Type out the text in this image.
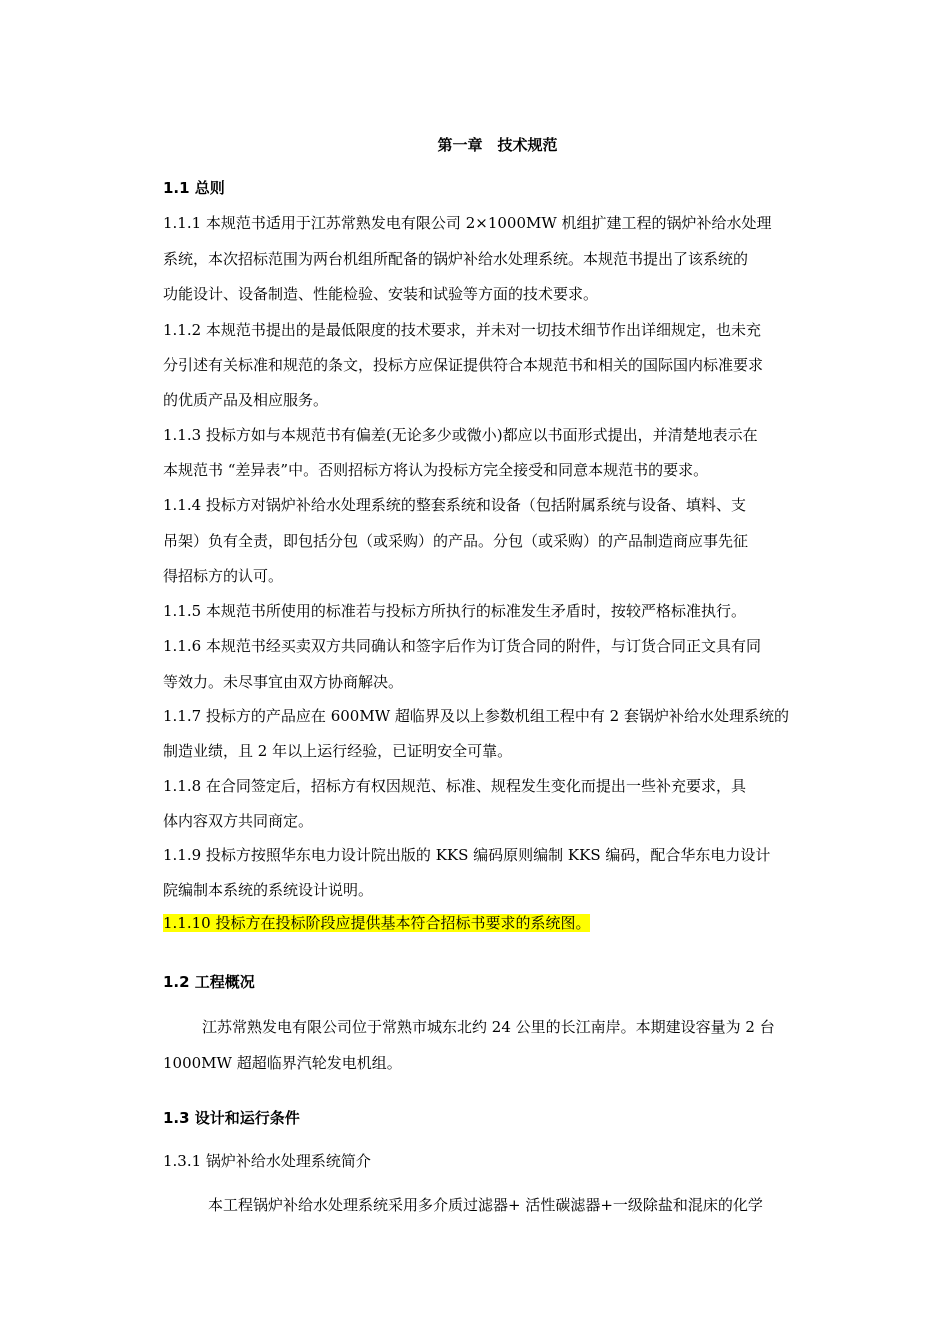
第一章　技术规范
1.1 总则
1.1.1 本规范书适用于江苏常熟发电有限公司 2×1000MW 机组扩建工程的锅炉补给水处理
系统，本次招标范围为两台机组所配备的锅炉补给水处理系统。本规范书提出了该系统的
功能设计、设备制造、性能检验、安装和试验等方面的技术要求。
1.1.2 本规范书提出的是最低限度的技术要求，并未对一切技术细节作出详细规定，也未充
分引述有关标准和规范的条文，投标方应保证提供符合本规范书和相关的国际国内标准要求
的优质产品及相应服务。
1.1.3 投标方如与本规范书有偏差(无论多少或微小)都应以书面形式提出，并清楚地表示在
本规范书 “差异表”中。否则招标方将认为投标方完全接受和同意本规范书的要求。
1.1.4 投标方对锅炉补给水处理系统的整套系统和设备（包括附属系统与设备、填料、支
吊架）负有全责，即包括分包（或采购）的产品。分包（或采购）的产品制造商应事先征
得招标方的认可。
1.1.5 本规范书所使用的标准若与投标方所执行的标准发生矛盾时，按较严格标准执行。
1.1.6 本规范书经买卖双方共同确认和签字后作为订货合同的附件，与订货合同正文具有同
等效力。未尽事宜由双方协商解决。
1.1.7 投标方的产品应在 600MW 超临界及以上参数机组工程中有 2 套锅炉补给水处理系统的
制造业绩，且 2 年以上运行经验，已证明安全可靠。
1.1.8 在合同签定后，招标方有权因规范、标准、规程发生变化而提出一些补充要求，具
体内容双方共同商定。
1.1.9 投标方按照华东电力设计院出版的 KKS 编码原则编制 KKS 编码，配合华东电力设计
院编制本系统的系统设计说明。
1.1.10 投标方在投标阶段应提供基本符合招标书要求的系统图。
1.2 工程概况
江苏常熟发电有限公司位于常熟市城东北约 24 公里的长江南岸。本期建设容量为 2 台
1000MW 超超临界汽轮发电机组。
1.3 设计和运行条件
1.3.1 锅炉补给水处理系统简介
本工程锅炉补给水处理系统采用多介质过滤器+ 活性碳滤器+一级除盐和混床的化学
